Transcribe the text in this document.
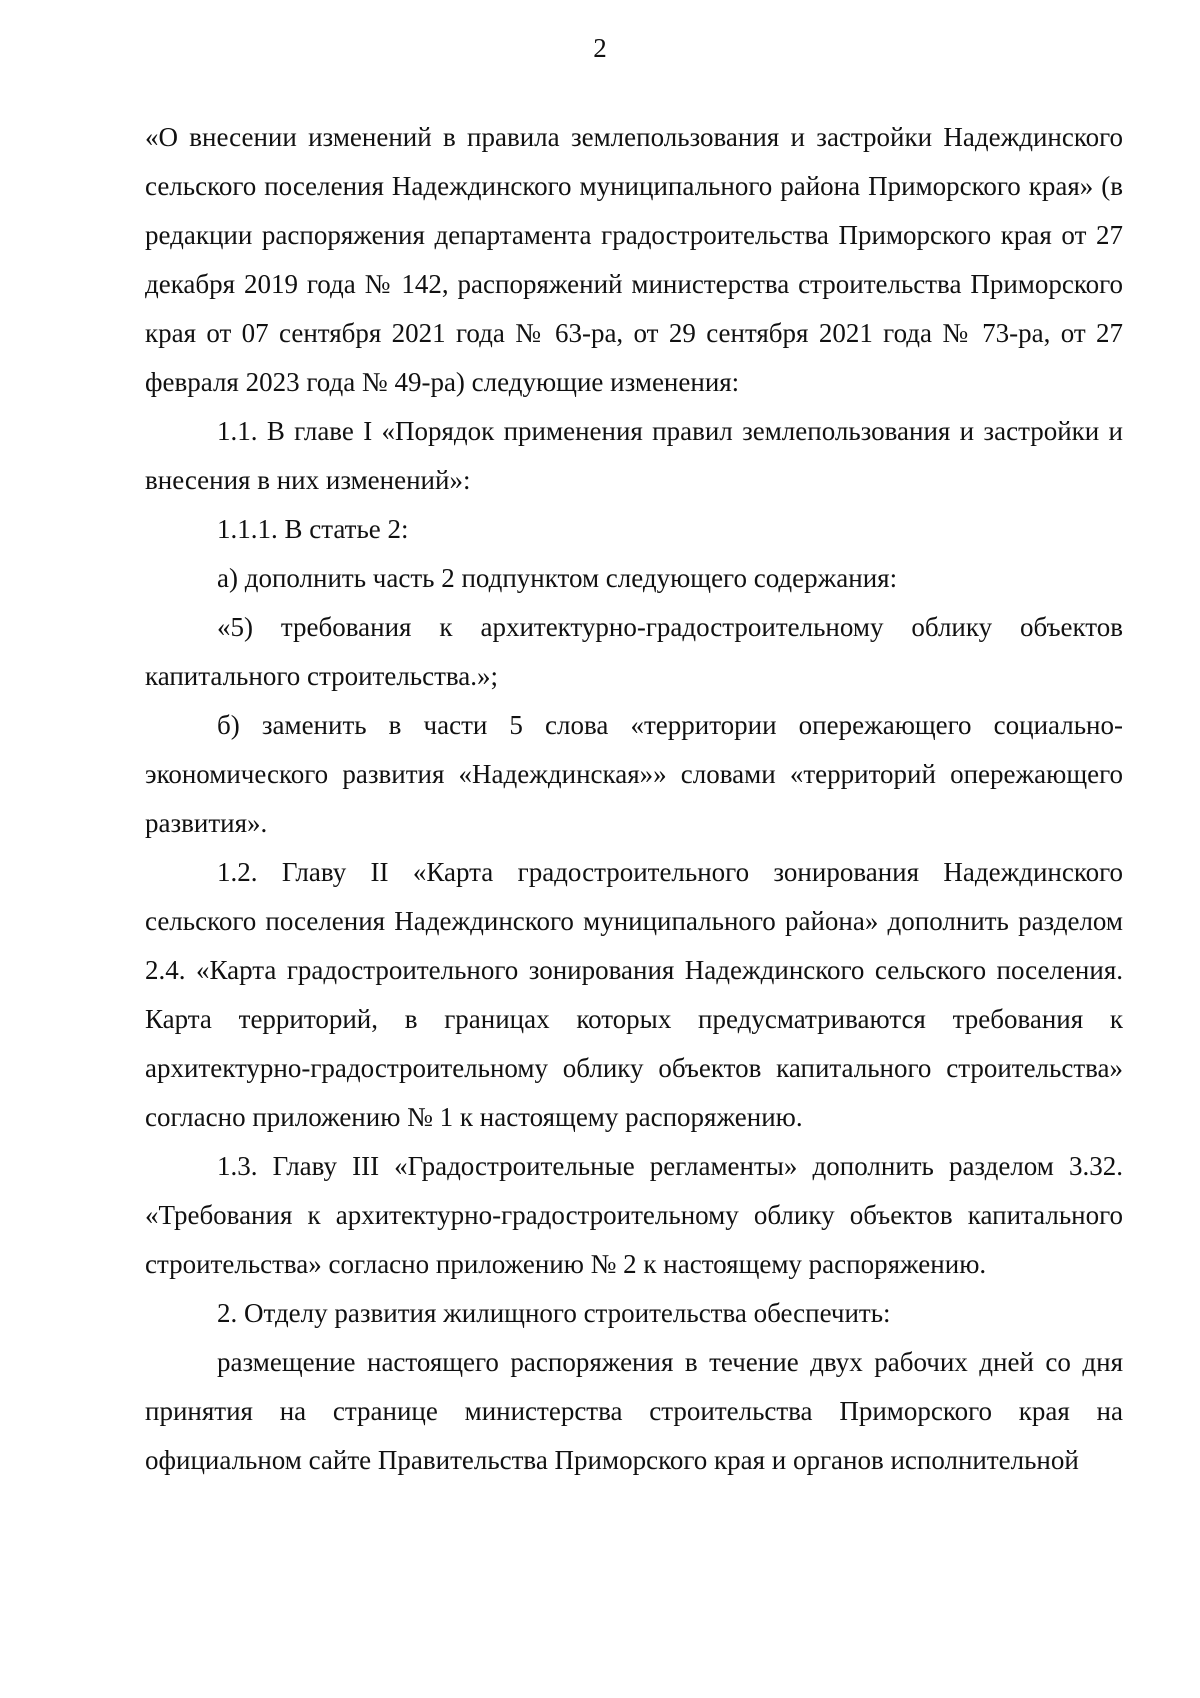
2

«О внесении изменений в правила землепользования и застройки Надеждинского сельского поселения Надеждинского муниципального района Приморского края» (в редакции распоряжения департамента градостроительства Приморского края от 27 декабря 2019 года № 142, распоряжений министерства строительства Приморского края от 07 сентября 2021 года № 63-ра, от 29 сентября 2021 года № 73-ра, от 27 февраля 2023 года № 49-ра) следующие изменения:

1.1. В главе I «Порядок применения правил землепользования и застройки и внесения в них изменений»:

1.1.1. В статье 2:

а) дополнить часть 2 подпунктом следующего содержания:

«5) требования к архитектурно-градостроительному облику объектов капитального строительства.»;

б) заменить в части 5 слова «территории опережающего социально-экономического развития «Надеждинская»» словами «территорий опережающего развития».

1.2. Главу II «Карта градостроительного зонирования Надеждинского сельского поселения Надеждинского муниципального района» дополнить разделом 2.4. «Карта градостроительного зонирования Надеждинского сельского поселения. Карта территорий, в границах которых предусматриваются требования к архитектурно-градостроительному облику объектов капитального строительства» согласно приложению № 1 к настоящему распоряжению.

1.3. Главу III «Градостроительные регламенты» дополнить разделом 3.32. «Требования к архитектурно-градостроительному облику объектов капитального строительства» согласно приложению № 2 к настоящему распоряжению.

2. Отделу развития жилищного строительства обеспечить:

размещение настоящего распоряжения в течение двух рабочих дней со дня принятия на странице министерства строительства Приморского края на официальном сайте Правительства Приморского края и органов исполнительной
